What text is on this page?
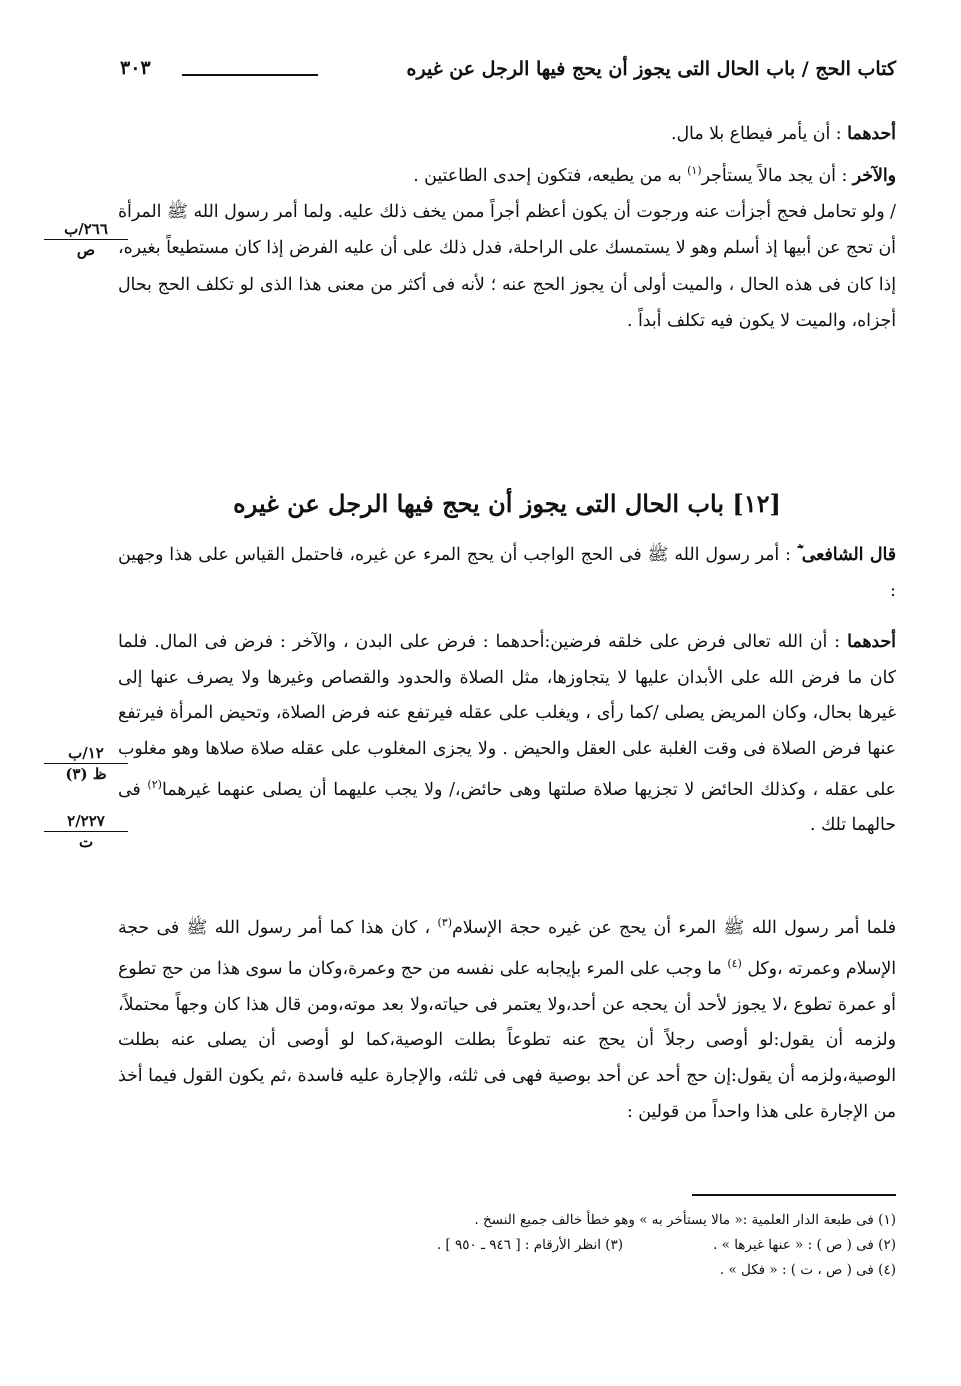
كتاب الحج / باب الحال التى يجوز أن يحج فيها الرجل عن غيره
٣٠٣
٢٦٦/ب
ص
١٢/ب
ظ (٣)
٢/٢٢٧
ت

أحدهما : أن يأمر فيطاع بلا مال.

والآخر : أن يجد مالاً يستأجر$^{(١)}$ به من يطيعه، فتكون إحدى الطاعتين .

/ ولو تحامل فحج أجزأت عنه ورجوت أن يكون أعظم أجراً ممن يخف ذلك عليه. ولما أمر رسول الله ﷺ المرأة أن تحج عن أبيها إذ أسلم وهو لا يستمسك على الراحلة، فدل ذلك على أن عليه الفرض إذا كان مستطيعاً بغيره، إذا كان فى هذه الحال ، والميت أولى أن يجوز الحج عنه ؛ لأنه فى أكثر من معنى هذا الذى لو تكلف الحج بحال أجزاه، والميت لا يكون فيه تكلف أبداً .

[١٢] باب الحال التى يجوز أن يحج فيها الرجل عن غيره

قال الشافعى ؓ : أمر رسول الله ﷺ فى الحج الواجب أن يحج المرء عن غيره، فاحتمل القياس على هذا وجهين :

أحدهما : أن الله تعالى فرض على خلقه فرضين:أحدهما : فرض على البدن ، والآخر : فرض فى المال. فلما كان ما فرض الله على الأبدان عليها لا يتجاوزها، مثل الصلاة والحدود والقصاص وغيرها ولا يصرف عنها إلى غيرها بحال، وكان المريض يصلى /كما رأى ، ويغلب على عقله فيرتفع عنه فرض الصلاة، وتحيض المرأة فيرتفع عنها فرض الصلاة فى وقت الغلبة على العقل والحيض . ولا يجزى المغلوب على عقله صلاة صلاها وهو مغلوب على عقله ، وكذلك الحائض لا تجزيها صلاة صلتها وهى حائض،/ ولا يجب عليهما أن يصلى عنهما غيرهما$^{(٢)}$ فى حالهما تلك .

فلما أمر رسول الله ﷺ المرء أن يحج عن غيره حجة الإسلام$^{(٣)}$ ، كان هذا كما أمر رسول الله ﷺ فى حجة الإسلام وعمرته ،وكل $^{(٤)}$ ما وجب على المرء بإيجابه على نفسه من حج وعمرة،وكان ما سوى هذا من حج تطوع أو عمرة تطوع ،لا يجوز لأحد أن يحجه عن أحد،ولا يعتمر فى حياته،ولا بعد موته،ومن قال هذا كان وجهاً محتملاً، ولزمه أن يقول:لو أوصى رجلاً أن يحج عنه تطوعاً بطلت الوصية،كما لو أوصى أن يصلى عنه بطلت الوصية،ولزمه أن يقول:إن حج أحد عن أحد بوصية فهى فى ثلثه، والإجارة عليه فاسدة ،ثم يكون القول فيما أخذ من الإجارة على هذا واحداً من قولين :

(١) فى طبعة الدار العلمية :« مالا يستأخر به » وهو خطأ خالف جميع النسخ .
(٢) فى ( ص ) : « عنها غيرها » .(٣) انظر الأرقام : [ ٩٤٦ ـ ٩٥٠ ] .
(٤) فى ( ص ، ت ) : « فكل » .
